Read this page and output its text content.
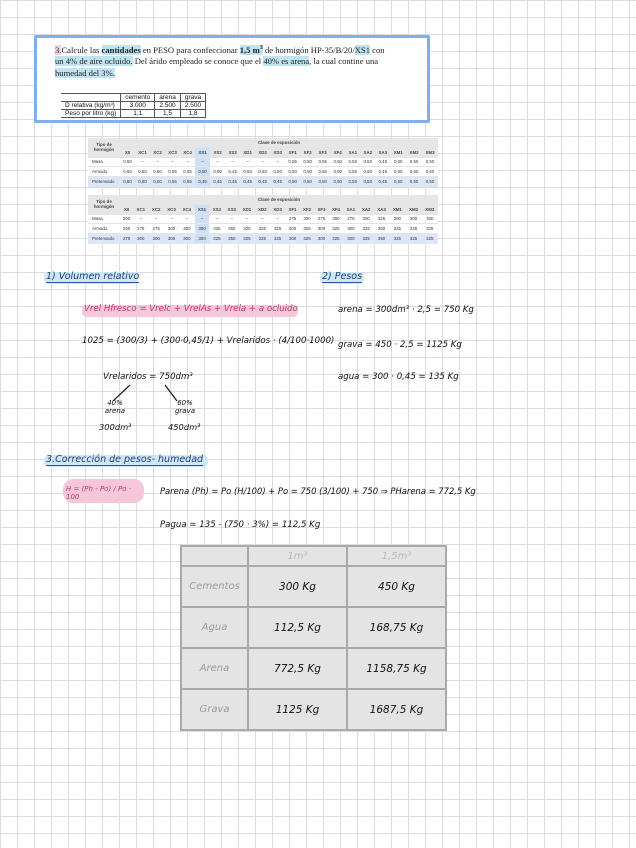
3.Calcule las cantidades en PESO para confeccionar 1,5 $m^3$ de hormigón HP-35/B/20/XS1 con
un 4% de aire ocluido. Del árido empleado se conoce que el 40% es arena, la cual contine una
humedad del 3%.
	cemento	arena	grava
D relativa (kg/m³)	3.000	2.500	2.500
Peso por litro (kg)	1,1	1,5	1,8
Tipo de hormigón	Clase de exposición																				
	X0	XC1	XC2	XC3	XC4	XS1	XS2	XS3	XD1	XD2	XD3	XF1	XF2	XF3	XF4	XA1	XA2	XA3	XM1	XM2	XM3
Masa	0,60	–	–	–	–	–	–	–	–	–	–	0,55	0,50	0,55	0,50	0,50	0,50	0,45	0,50	0,50	0,50
Armado	0,60	0,60	0,60	0,55	0,55	0,50	0,50	0,45	0,50	0,50	0,50	0,50	0,50	0,55	0,50	0,50	0,50	0,45	0,50	0,50	0,50
Pretensado	0,60	0,60	0,60	0,55	0,55	0,45	0,45	0,45	0,45	0,45	0,45	0,50	0,50	0,50	0,50	0,50	0,50	0,45	0,50	0,50	0,50
Tipo de hormigón	Clase de exposición																				
	X0	XC1	XC2	XC3	XC4	XS1	XS2	XS3	XD1	XD2	XD3	XF1	XF2	XF3	XF4	XA1	XA2	XA3	XM1	XM2	XM3
Masa	200	–	–	–	–	–	–	–	–	–	–	275	300	275	300	275	300	325	300	300	300
Armado	250	275	275	300	300	300	325	350	325	325	325	300	325	300	325	300	325	350	325	325	325
Pretensado	275	300	300	300	300	300	325	350	325	325	325	300	325	300	325	300	325	350	325	325	325
1) Volumen relativo
Vrel Hfresco = Vrelc + VrelAs + Vrela + a ocluido
1025 = (300/3) + (300·0,45/1) + Vrelaridos · (4/100·1000)
Vrelaridos = 750dm³
40% arena
60% grava
300dm³	450dm³
2) Pesos
arena = 300dm³ · 2,5 = 750 Kg
grava = 450 · 2,5 = 1125 Kg
agua = 300 · 0,45 = 135 Kg
3.Corrección de pesos- humedad
H = (Ph - Po) / Po · 100
Parena (Ph) = Po (H/100) + Po = 750 (3/100) + 750 ⇒ PHarena = 772,5 Kg
Pagua = 135 - (750 · 3%) = 112,5 Kg
	1m³	1,5m³
Cementos	300 Kg	450 Kg
Agua	112,5 Kg	168,75 Kg
Arena	772,5 Kg	1158,75 Kg
Grava	1125 Kg	1687,5 Kg
